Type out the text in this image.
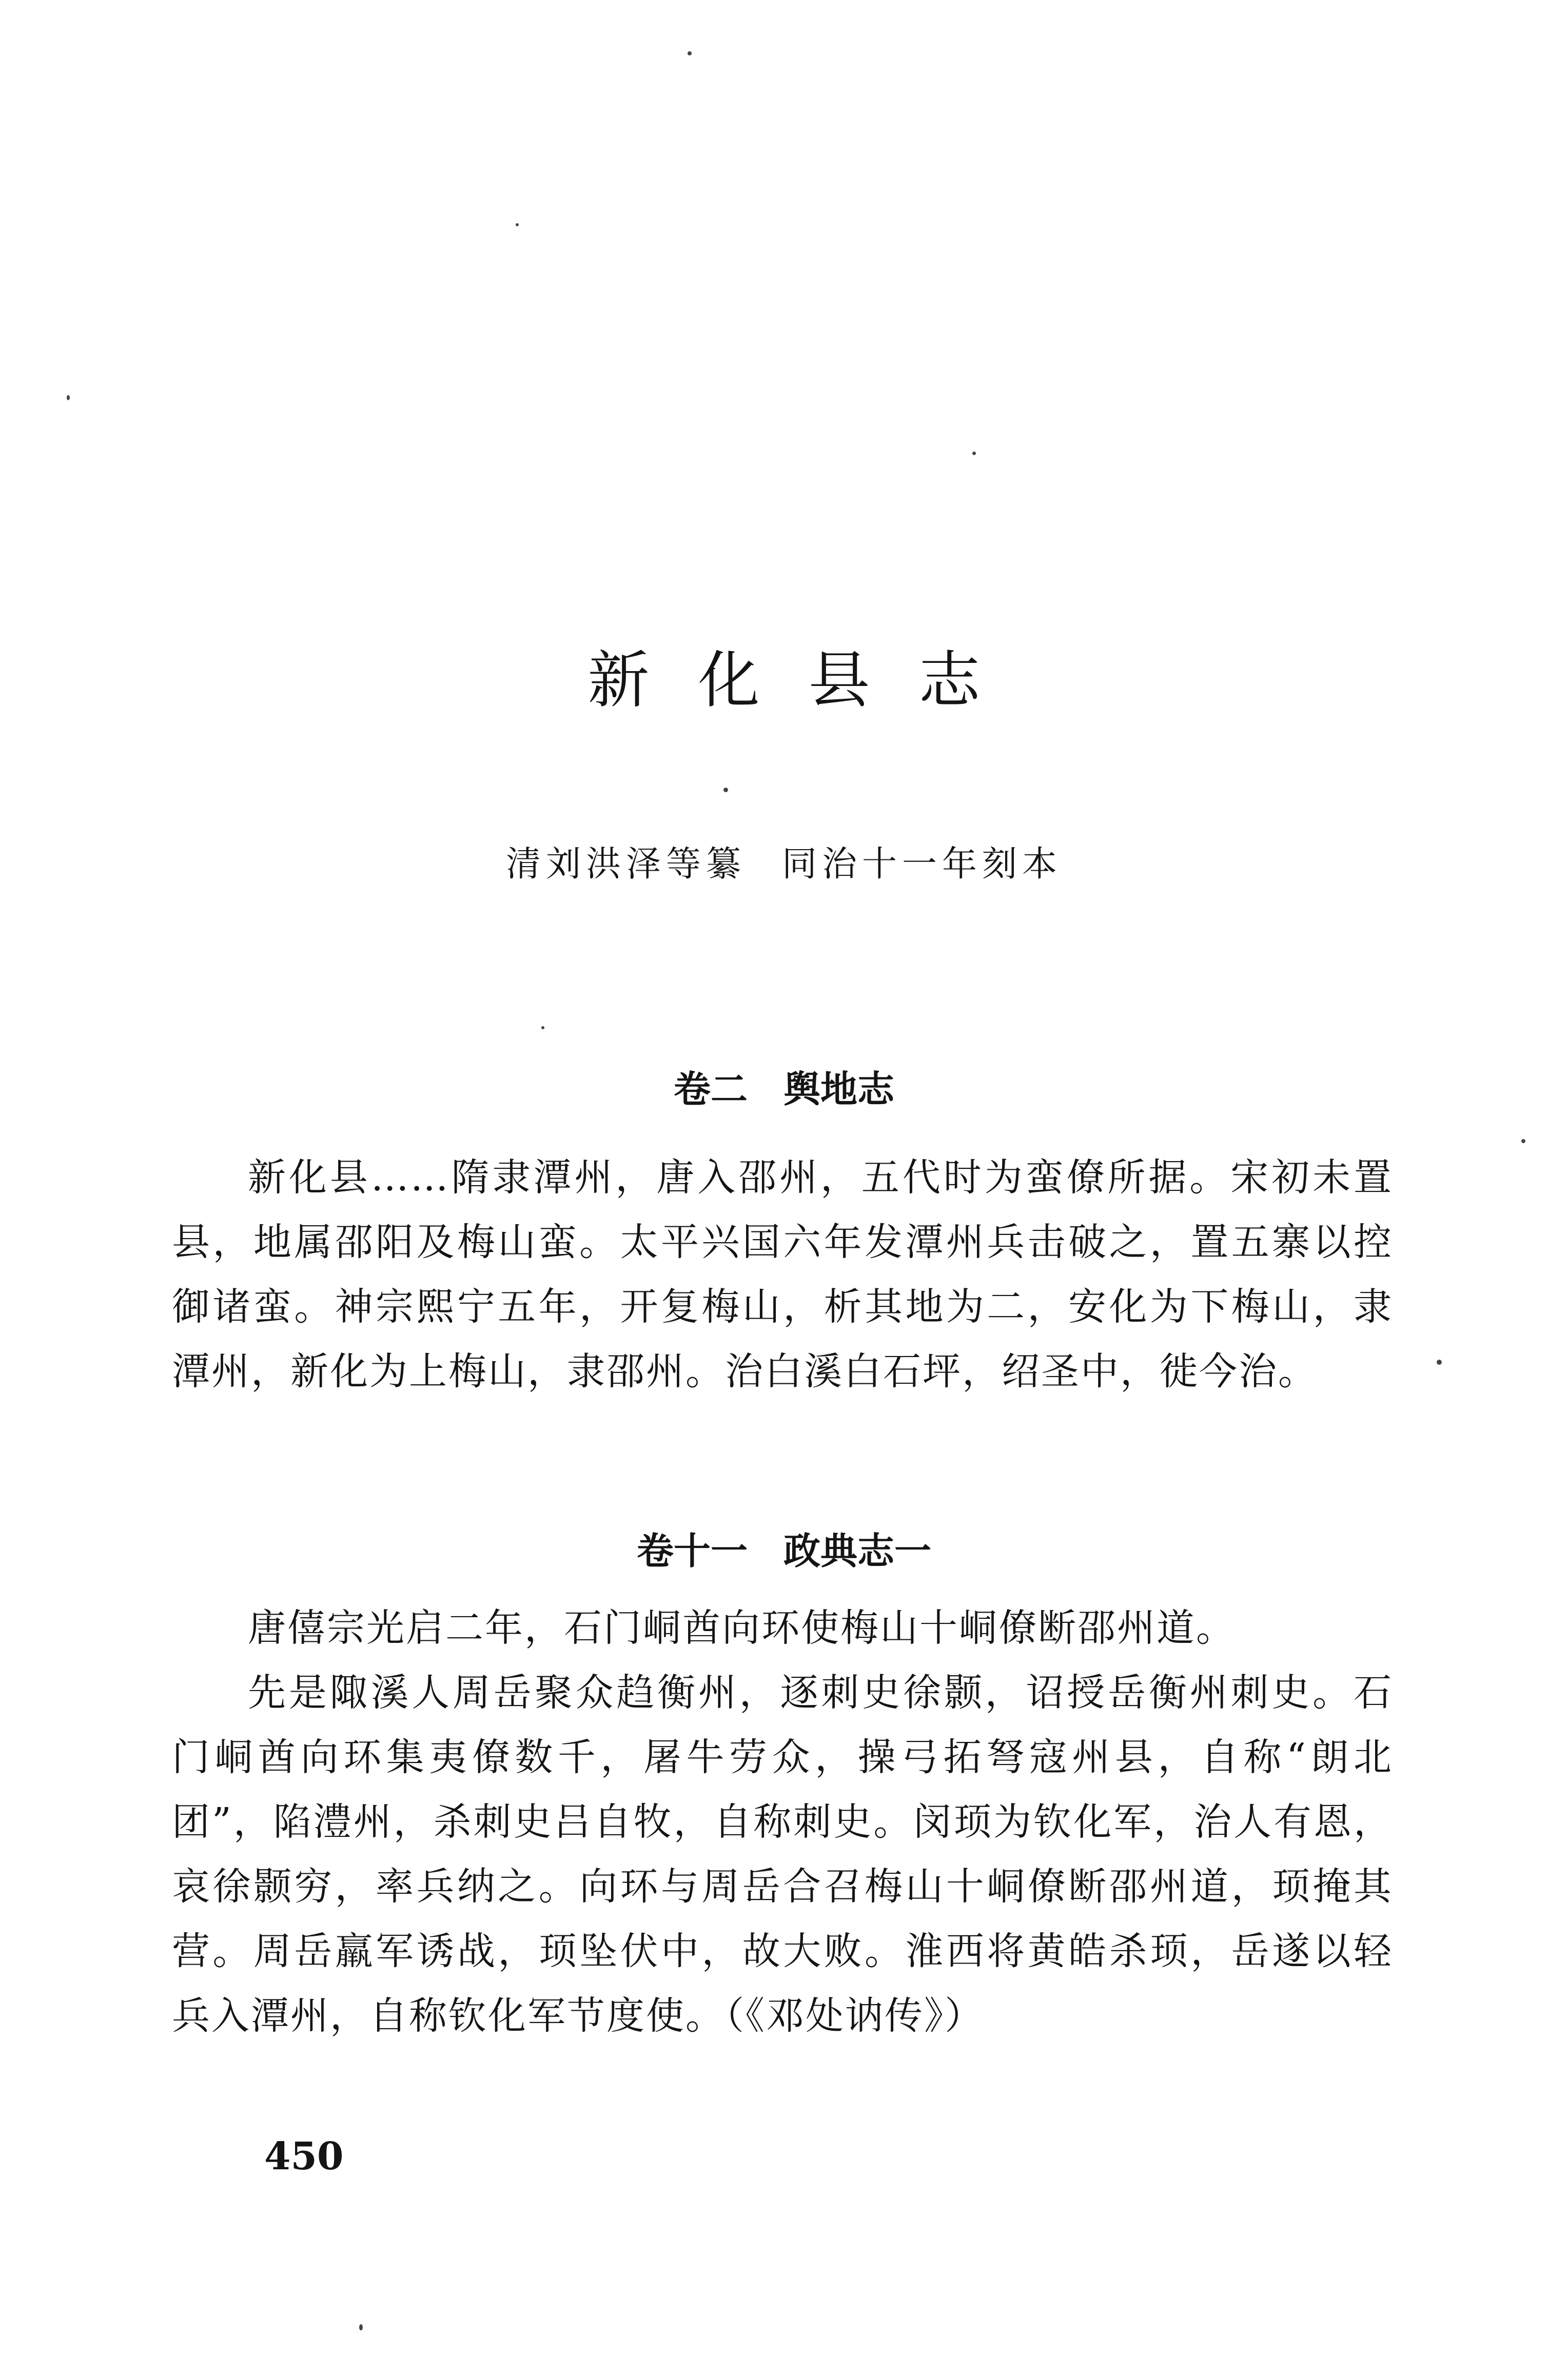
新化县志
清刘洪泽等纂 同治十一年刻本
卷二 舆地志

新化县……隋隶潭州，唐入邵州，五代时为蛮僚所据。宋初未置县，地属邵阳及梅山蛮。太平兴国六年发潭州兵击破之，置五寨以控御诸蛮。神宗熙宁五年，开复梅山，析其地为二，安化为下梅山，隶潭州，新化为上梅山，隶邵州。治白溪白石坪，绍圣中，徙今治。

卷十一 政典志一

唐僖宗光启二年，石门峒酋向环使梅山十峒僚断邵州道。

先是陬溪人周岳聚众趋衡州，逐刺史徐颢，诏授岳衡州刺史。石门峒酋向环集夷僚数千，屠牛劳众，操弓拓弩寇州县，自称“朗北团”，陷澧州，杀刺史吕自牧，自称刺史。闵顼为钦化军，治人有恩，哀徐颢穷，率兵纳之。向环与周岳合召梅山十峒僚断邵州道，顼掩其营。周岳羸军诱战，顼坠伏中，故大败。淮西将黄皓杀顼，岳遂以轻兵入潭州，自称钦化军节度使。（《邓处讷传》）

450
